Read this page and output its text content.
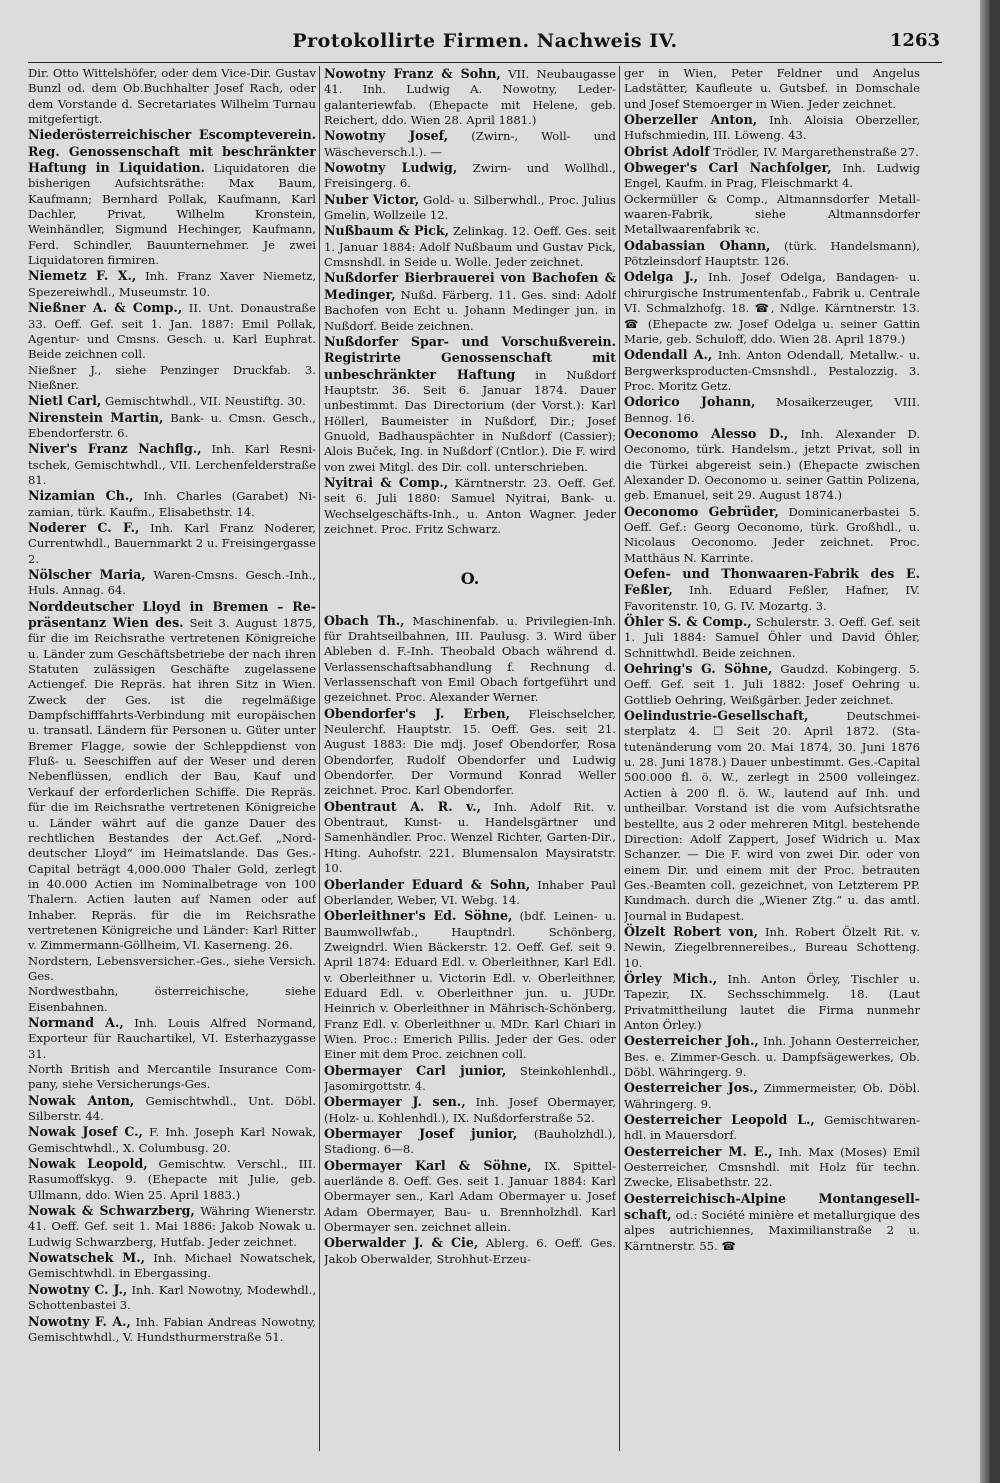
Protokollirte Firmen. Nachweis IV.	1263

Dir. Otto Wittelshöfer, oder dem Vice-Dir. Gustav Bunzl od. dem Ob.Buchhalter Josef Rach, oder dem Vorstande d. Secretariates Wilhelm Turnau mitgefertigt.

Niederösterreichischer Escompteverein. Reg. Genossenschaft mit beschränkter Haftung in Liquidation. Liquidatoren die bisherigen Aufsichtsräthe: Max Baum, Kaufmann; Bernhard Pollak, Kaufmann, Karl Dachler, Privat, Wilhelm Kronstein, Weinhändler, Sigmund Hechinger, Kaufmann, Ferd. Schindler, Bauunternehmer. Je zwei Liquidatoren firmiren.

Niemetz F. X., Inh. Franz Xaver Niemetz, Spezereiwhdl., Museumstr. 10.

Nießner A. & Comp., II. Unt. Donaustraße 33. Oeff. Gef. seit 1. Jan. 1887: Emil Pollak, Agentur- und Cmsns. Gesch. u. Karl Euphrat. Beide zeichnen coll.

Nießner J., siehe Penzinger Druckfab. 3. Nießner.

Nietl Carl, Gemischtwhdl., VII. Neustiftg. 30.

Nirenstein Martin, Bank- u. Cmsn. Gesch., Ebendorferstr. 6.

Niver's Franz Nachflg., Inh. Karl Resnitschek, Gemischtwhdl., VII. Lerchenfelderstraße 81.

Nizamian Ch., Inh. Charles (Garabet) Nizamian, türk. Kaufm., Elisabethstr. 14.

Noderer C. F., Inh. Karl Franz Noderer, Currentwhdl., Bauernmarkt 2 u. Freisingergasse 2.

Nölscher Maria, Waren-Cmsns. Gesch.-Inh., Huls. Annag. 64.

Norddeutscher Lloyd in Bremen – Repräsentanz Wien des. Seit 3. August 1875, für die im Reichsrathe vertretenen Königreiche u. Länder zum Geschäftsbetriebe der nach ihren Statuten zulässigen Geschäfte zugelassene Actiengef. Die Repräs. hat ihren Sitz in Wien. Zweck der Ges. ist die regelmäßige Dampfschifffahrts-Verbindung mit europäischen u. transatl. Ländern für Personen u. Güter unter Bremer Flagge, sowie der Schleppdienst von Fluß- u. Seeschiffen auf der Weser und deren Nebenflüssen, endlich der Bau, Kauf und Verkauf der erforderlichen Schiffe. Die Repräs. für die im Reichsrathe vertretenen Königreiche u. Länder währt auf die ganze Dauer des rechtlichen Bestandes der Act.Gef. „Norddeutscher Lloyd“ im Heimatslande. Das Ges.-Capital beträgt 4,000.000 Thaler Gold, zerlegt in 40.000 Actien im Nominalbetrage von 100 Thalern. Actien lauten auf Namen oder auf Inhaber. Repräs. für die im Reichsrathe vertretenen Königreiche und Länder: Karl Ritter v. Zimmermann-Göllheim, VI. Kaserneng. 26.

Nordstern, Lebensversicher.-Ges., siehe Versich. Ges.

Nordwestbahn, österreichische, siehe Eisenbahnen.

Normand A., Inh. Louis Alfred Normand, Exporteur für Rauchartikel, VI. Esterhazygasse 31.

North British and Mercantile Insurance Company, siehe Versicherungs-Ges.

Nowak Anton, Gemischtwhdl., Unt. Döbl. Silberstr. 44.

Nowak Josef C., F. Inh. Joseph Karl Nowak, Gemischtwhdl., X. Columbusg. 20.

Nowak Leopold, Gemischtw. Verschl., III. Rasumoffskyg. 9. (Ehepacte mit Julie, geb. Ullmann, ddo. Wien 25. April 1883.)

Nowak & Schwarzberg, Währing Wienerstr. 41. Oeff. Gef. seit 1. Mai 1886: Jakob Nowak u. Ludwig Schwarzberg, Hutfab. Jeder zeichnet.

Nowatschek M., Inh. Michael Nowatschek, Gemischtwhdl. in Ebergassing.

Nowotny C. J., Inh. Karl Nowotny, Modewhdl., Schottenbastei 3.

Nowotny F. A., Inh. Fabian Andreas Nowotny, Gemischtwhdl., V. Hundsthurmerstraße 51.

Nowotny Franz & Sohn, VII. Neubaugasse 41. Inh. Ludwig A. Nowotny, Ledergalanteriewfab. (Ehepacte mit Helene, geb. Reichert, ddo. Wien 28. April 1881.)

Nowotny Josef, (Zwirn-, Woll- und Wäscheversch.l.). —

Nowotny Ludwig, Zwirn- und Wollhdl., Freisingerg. 6.

Nuber Victor, Gold- u. Silberwhdl., Proc. Julius Gmelin, Wollzeile 12.

Nußbaum & Pick, Zelinkag. 12. Oeff. Ges. seit 1. Januar 1884: Adolf Nußbaum und Gustav Pick, Cmsnshdl. in Seide u. Wolle. Jeder zeichnet.

Nußdorfer Bierbrauerei von Bachofen & Medinger, Nußd. Färberg. 11. Ges. sind: Adolf Bachofen von Echt u. Johann Medinger jun. in Nußdorf. Beide zeichnen.

Nußdorfer Spar- und Vorschußverein. Registrirte Genossenschaft mit unbeschränkter Haftung in Nußdorf Hauptstr. 36. Seit 6. Januar 1874. Dauer unbestimmt. Das Directorium (der Vorst.): Karl Höllerl, Baumeister in Nußdorf, Dir.; Josef Gnuold, Badhauspächter in Nußdorf (Cassier); Alois Buček, Ing. in Nußdorf (Cntlor.). Die F. wird von zwei Mitgl. des Dir. coll. unterschrieben.

Nyitrai & Comp., Kärntnerstr. 23. Oeff. Gef. seit 6. Juli 1880: Samuel Nyitrai, Bank- u. Wechselgeschäfts-Inh., u. Anton Wagner. Jeder zeichnet. Proc. Fritz Schwarz.

O.

Obach Th., Maschinenfab. u. Privilegien-Inh. für Drahtseilbahnen, III. Paulusg. 3. Wird über Ableben d. F.-Inh. Theobald Obach während d. Verlassenschaftsabhandlung f. Rechnung d. Verlassenschaft von Emil Obach fortgeführt und gezeichnet. Proc. Alexander Werner.

Obendorfer's J. Erben, Fleischselcher, Neulerchf. Hauptstr. 15. Oeff. Ges. seit 21. August 1883: Die mdj. Josef Obendorfer, Rosa Obendorfer, Rudolf Obendorfer und Ludwig Obendorfer. Der Vormund Konrad Weller zeichnet. Proc. Karl Obendorfer.

Obentraut A. R. v., Inh. Adolf Rit. v. Obentraut, Kunst- u. Handelsgärtner und Samenhändler. Proc. Wenzel Richter, Garten-Dir., Hting. Auhofstr. 221. Blumensalon Maysiratstr. 10.

Oberlander Eduard & Sohn, Inhaber Paul Oberlander, Weber, VI. Webg. 14.

Oberleithner's Ed. Söhne, (bdf. Leinen- u. Baumwollwfab., Hauptndrl. Schönberg, Zweigndrl. Wien Bäckerstr. 12. Oeff. Gef. seit 9. April 1874: Eduard Edl. v. Oberleithner, Karl Edl. v. Oberleithner u. Victorin Edl. v. Oberleithner, Eduard Edl. v. Oberleithner jun. u. JUDr. Heinrich v. Oberleithner in Mährisch-Schönberg, Franz Edl. v. Oberleithner u. MDr. Karl Chiari in Wien. Proc.: Emerich Pillis. Jeder der Ges. oder Einer mit dem Proc. zeichnen coll.

Obermayer Carl junior, Steinkohlenhdl., Jasomirgottstr. 4.

Obermayer J. sen., Inh. Josef Obermayer, (Holz- u. Kohlenhdl.), IX. Nußdorferstraße 52.

Obermayer Josef junior, (Bauholzhdl.), Stadiong. 6—8.

Obermayer Karl & Söhne, IX. Spittelauerlände 8. Oeff. Ges. seit 1. Januar 1884: Karl Obermayer sen., Karl Adam Obermayer u. Josef Adam Obermayer, Bau- u. Brennholzhdl. Karl Obermayer sen. zeichnet allein.

Oberwalder J. & Cie, Ablerg. 6. Oeff. Ges. Jakob Oberwalder, Strohhut-Erzeu-

ger in Wien, Peter Feldner und Angelus Ladstätter, Kaufleute u. Gutsbef. in Domschale und Josef Stemoerger in Wien. Jeder zeichnet.

Oberzeller Anton, Inh. Aloisia Oberzeller, Hufschmiedin, III. Löweng. 43.

Obrist Adolf Trödler, IV. Margarethenstraße 27.

Obweger's Carl Nachfolger, Inh. Ludwig Engel, Kaufm. in Prag, Fleischmarkt 4.

Ockermüller & Comp., Altmannsdorfer Metallwaaren-Fabrik, siehe Altmannsdorfer Metallwaarenfabrik ꝛc.

Odabassian Ohann, (türk. Handelsmann), Pötzleinsdorf Hauptstr. 126.

Odelga J., Inh. Josef Odelga, Bandagen- u. chirurgische Instrumentenfab., Fabrik u. Centrale VI. Schmalzhofg. 18. ☎, Ndlge. Kärntnerstr. 13. ☎ (Ehepacte zw. Josef Odelga u. seiner Gattin Marie, geb. Schuloff, ddo. Wien 28. April 1879.)

Odendall A., Inh. Anton Odendall, Metallw.- u. Bergwerksproducten-Cmsnshdl., Pestalozzig. 3. Proc. Moritz Getz.

Odorico Johann, Mosaikerzeuger, VIII. Bennog. 16.

Oeconomo Alesso D., Inh. Alexander D. Oeconomo, türk. Handelsm., jetzt Privat, soll in die Türkei abgereist sein.) (Ehepacte zwischen Alexander D. Oeconomo u. seiner Gattin Polizena, geb. Emanuel, seit 29. August 1874.)

Oeconomo Gebrüder, Dominicanerbastei 5. Oeff. Gef.: Georg Oeconomo, türk. Großhdl., u. Nicolaus Oeconomo. Jeder zeichnet. Proc. Matthäus N. Karrinte.

Oefen- und Thonwaaren-Fabrik des E. Feßler, Inh. Eduard Feßler, Hafner, IV. Favoritenstr. 10, G. IV. Mozartg. 3.

Öhler S. & Comp., Schulerstr. 3. Oeff. Gef. seit 1. Juli 1884: Samuel Öhler und David Öhler, Schnittwhdl. Beide zeichnen.

Oehring's G. Söhne, Gaudzd. Kobingerg. 5. Oeff. Gef. seit 1. Juli 1882: Josef Oehring u. Gottlieb Oehring, Weißgärber. Jeder zeichnet.

Oelindustrie-Gesellschaft,	Deutschmeisterplatz 4. ☐ Seit 20. April 1872. (Statutenänderung vom 20. Mai 1874, 30. Juni 1876 u. 28. Juni 1878.) Dauer unbestimmt. Ges.-Capital 500.000 fl. ö. W., zerlegt in 2500 volleingez. Actien à 200 fl. ö. W., lautend auf Inh. und untheilbar. Vorstand ist die vom Aufsichtsrathe bestellte, aus 2 oder mehreren Mitgl. bestehende Direction: Adolf Zappert, Josef Widrich u. Max Schanzer. — Die F. wird von zwei Dir. oder von einem Dir. und einem mit der Proc. betrauten Ges.-Beamten coll. gezeichnet, von Letzterem PP. Kundmach. durch die „Wiener Ztg.“ u. das amtl. Journal in Budapest.

Ölzelt Robert von, Inh. Robert Ölzelt Rit. v. Newin, Ziegelbrennereibes., Bureau Schotteng. 10.

Örley Mich., Inh. Anton Örley, Tischler u. Tapezir, IX. Sechsschimmelg. 18. (Laut Privatmittheilung lautet die Firma nunmehr Anton Örley.)

Oesterreicher Joh., Inh. Johann Oesterreicher, Bes. e. Zimmer-Gesch. u. Dampfsägewerkes, Ob. Döbl. Währingerg. 9.

Oesterreicher Jos., Zimmermeister, Ob. Döbl. Währingerg. 9.

Oesterreicher Leopold L., Gemischtwarenhdl. in Mauersdorf.

Oesterreicher M. E., Inh. Max (Moses) Emil Oesterreicher, Cmsnshdl. mit Holz für techn. Zwecke, Elisabethstr. 22.

Oesterreichisch-Alpine Montangesellschaft, od.: Société minière et metallurgique des alpes autrichiennes, Maximilianstraße 2 u. Kärntnerstr. 55. ☎
